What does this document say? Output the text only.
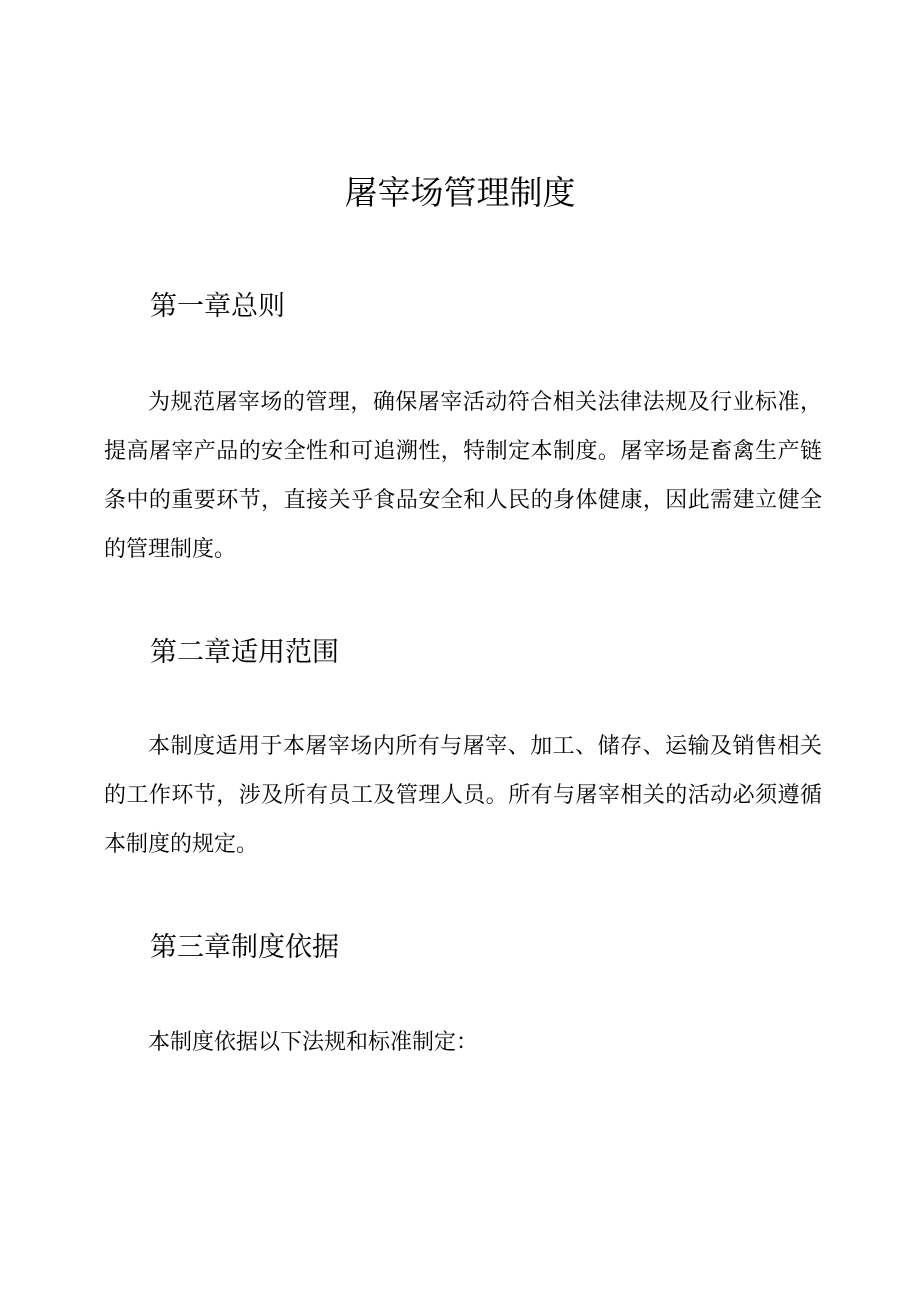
屠宰场管理制度
第一章总则

为规范屠宰场的管理，确保屠宰活动符合相关法律法规及行业标准，提高屠宰产品的安全性和可追溯性，特制定本制度。屠宰场是畜禽生产链条中的重要环节，直接关乎食品安全和人民的身体健康，因此需建立健全的管理制度。

第二章适用范围

本制度适用于本屠宰场内所有与屠宰、加工、储存、运输及销售相关的工作环节，涉及所有员工及管理人员。所有与屠宰相关的活动必须遵循本制度的规定。

第三章制度依据

本制度依据以下法规和标准制定：
